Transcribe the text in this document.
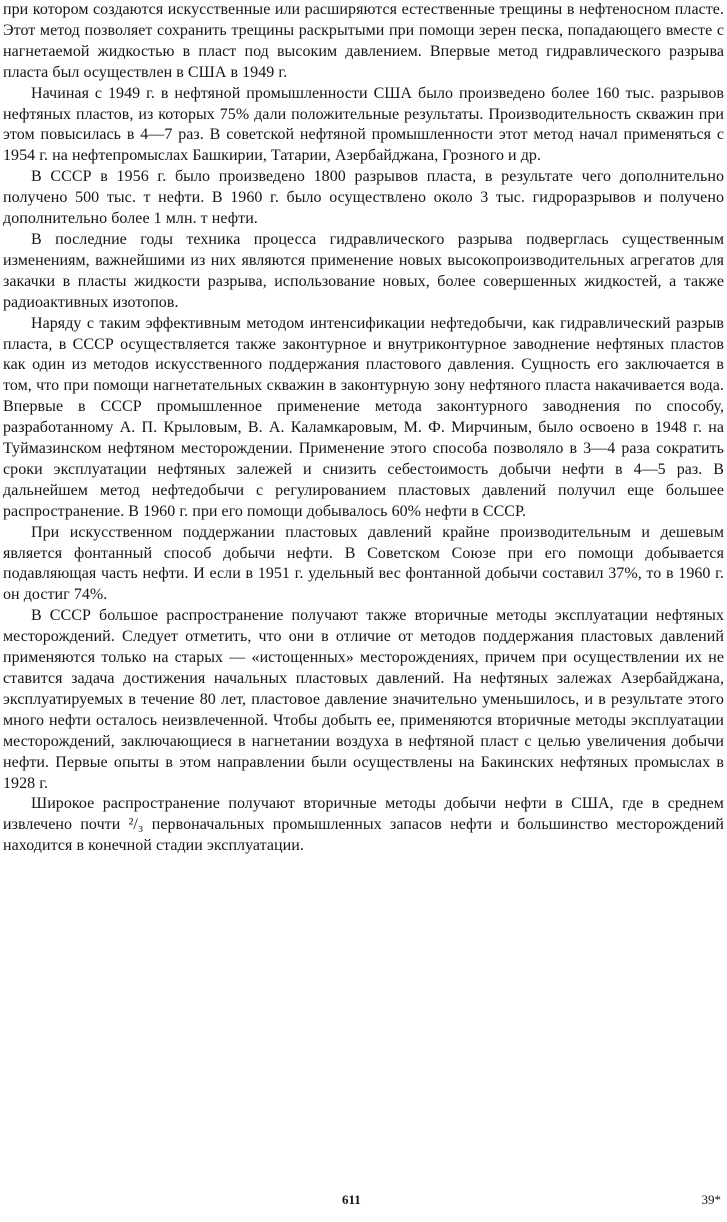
при котором создаются искусственные или расширяются естественные трещины в нефтеносном пласте. Этот метод позволяет сохранить трещины раскрытыми при помощи зерен песка, попадающего вместе с нагнетаемой жидкостью в пласт под высоким давлением. Впервые метод гидравлического разрыва пласта был осуществлен в США в 1949 г.

Начиная с 1949 г. в нефтяной промышленности США было произведено более 160 тыс. разрывов нефтяных пластов, из которых 75% дали положительные результаты. Производительность скважин при этом повысилась в 4—7 раз. В советской нефтяной промышленности этот метод начал применяться с 1954 г. на нефтепромыслах Башкирии, Татарии, Азербайджана, Грозного и др.

В СССР в 1956 г. было произведено 1800 разрывов пласта, в результате чего дополнительно получено 500 тыс. т нефти. В 1960 г. было осуществлено около 3 тыс. гидроразрывов и получено дополнительно более 1 млн. т нефти.

В последние годы техника процесса гидравлического разрыва подверглась существенным изменениям, важнейшими из них являются применение новых высокопроизводительных агрегатов для закачки в пласты жидкости разрыва, использование новых, более совершенных жидкостей, а также радиоактивных изотопов.

Наряду с таким эффективным методом интенсификации нефтедобычи, как гидравлический разрыв пласта, в СССР осуществляется также законтурное и внутриконтурное заводнение нефтяных пластов как один из методов искусственного поддержания пластового давления. Сущность его заключается в том, что при помощи нагнетательных скважин в законтурную зону нефтяного пласта накачивается вода. Впервые в СССР промышленное применение метода законтурного заводнения по способу, разработанному А. П. Крыловым, В. А. Каламкаровым, М. Ф. Мирчиным, было освоено в 1948 г. на Туймазинском нефтяном месторождении. Применение этого способа позволяло в 3—4 раза сократить сроки эксплуатации нефтяных залежей и снизить себестоимость добычи нефти в 4—5 раз. В дальнейшем метод нефтедобычи с регулированием пластовых давлений получил еще большее распространение. В 1960 г. при его помощи добывалось 60% нефти в СССР.

При искусственном поддержании пластовых давлений крайне производительным и дешевым является фонтанный способ добычи нефти. В Советском Союзе при его помощи добывается подавляющая часть нефти. И если в 1951 г. удельный вес фонтанной добычи составил 37%, то в 1960 г. он достиг 74%.

В СССР большое распространение получают также вторичные методы эксплуатации нефтяных месторождений. Следует отметить, что они в отличие от методов поддержания пластовых давлений применяются только на старых — «истощенных» месторождениях, причем при осуществлении их не ставится задача достижения начальных пластовых давлений. На нефтяных залежах Азербайджана, эксплуатируемых в течение 80 лет, пластовое давление значительно уменьшилось, и в результате этого много нефти осталось неизвлеченной. Чтобы добыть ее, применяются вторичные методы эксплуатации месторождений, заключающиеся в нагнетании воздуха в нефтяной пласт с целью увеличения добычи нефти. Первые опыты в этом направлении были осуществлены на Бакинских нефтяных промыслах в 1928 г.

Широкое распространение получают вторичные методы добычи нефти в США, где в среднем извлечено почти ²/₃ первоначальных промышленных запасов нефти и большинство месторождений находится в конечной стадии эксплуатации.

611	39*
